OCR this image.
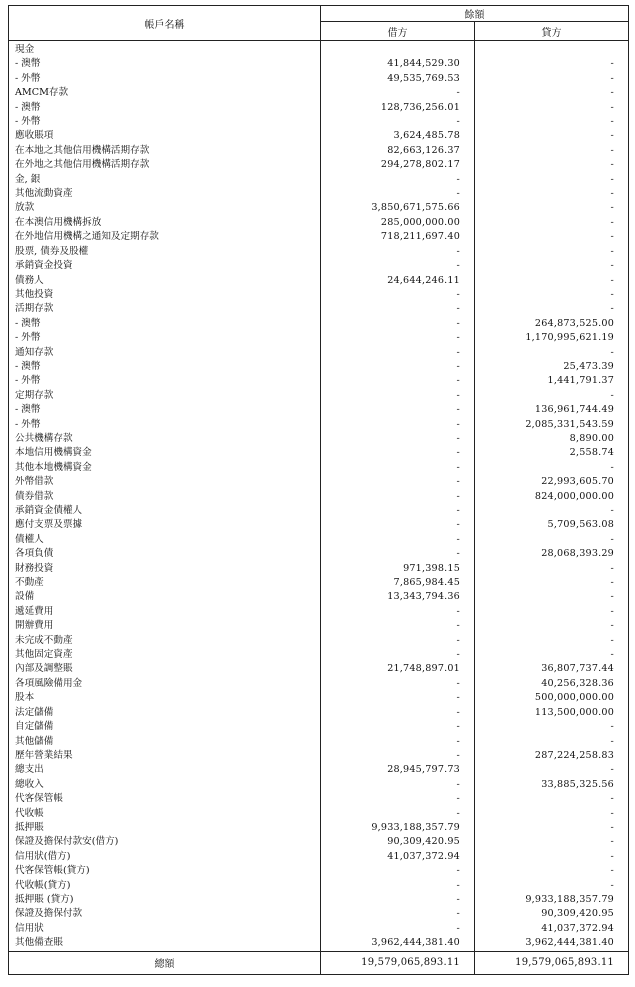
帳戶名稱	餘額	
	借方	貸方
現金		
- 澳幣	41,844,529.30	-
- 外幣	49,535,769.53	-
AMCM存款	-	-
- 澳幣	128,736,256.01	-
- 外幣	-	-
應收賬項	3,624,485.78	-
在本地之其他信用機構活期存款	82,663,126.37	-
在外地之其他信用機構活期存款	294,278,802.17	-
金, 銀	-	-
其他流動資產	-	-
放款	3,850,671,575.66	-
在本澳信用機構拆放	285,000,000.00	-
在外地信用機構之通知及定期存款	718,211,697.40	-
股票, 債券及股權	-	-
承銷資金投資	-	-
債務人	24,644,246.11	-
其他投資	-	-
活期存款	-	-
- 澳幣	-	264,873,525.00
- 外幣	-	1,170,995,621.19
通知存款	-	-
- 澳幣	-	25,473.39
- 外幣	-	1,441,791.37
定期存款	-	-
- 澳幣	-	136,961,744.49
- 外幣	-	2,085,331,543.59
公共機構存款	-	8,890.00
本地信用機構資金	-	2,558.74
其他本地機構資金	-	-
外幣借款	-	22,993,605.70
債券借款	-	824,000,000.00
承銷資金債權人	-	-
應付支票及票據	-	5,709,563.08
債權人	-	-
各項負債	-	28,068,393.29
財務投資	971,398.15	-
不動產	7,865,984.45	-
設備	13,343,794.36	-
遞延費用	-	-
開辦費用	-	-
未完成不動產	-	-
其他固定資產	-	-
內部及調整賬	21,748,897.01	36,807,737.44
各項風險備用金	-	40,256,328.36
股本	-	500,000,000.00
法定儲備	-	113,500,000.00
自定儲備	-	-
其他儲備	-	-
歷年營業結果	-	287,224,258.83
總支出	28,945,797.73	-
總收入	-	33,885,325.56
代客保管帳	-	-
代收帳	-	-
抵押賬	9,933,188,357.79	-
保證及擔保付款安(借方)	90,309,420.95	-
信用狀(借方)	41,037,372.94	-
代客保管帳(貸方)	-	-
代收帳(貸方)	-	-
抵押賬 (貸方)	-	9,933,188,357.79
保證及擔保付款	-	90,309,420.95
信用狀	-	41,037,372.94
其他備查賬	3,962,444,381.40	3,962,444,381.40
總額	19,579,065,893.11	19,579,065,893.11
